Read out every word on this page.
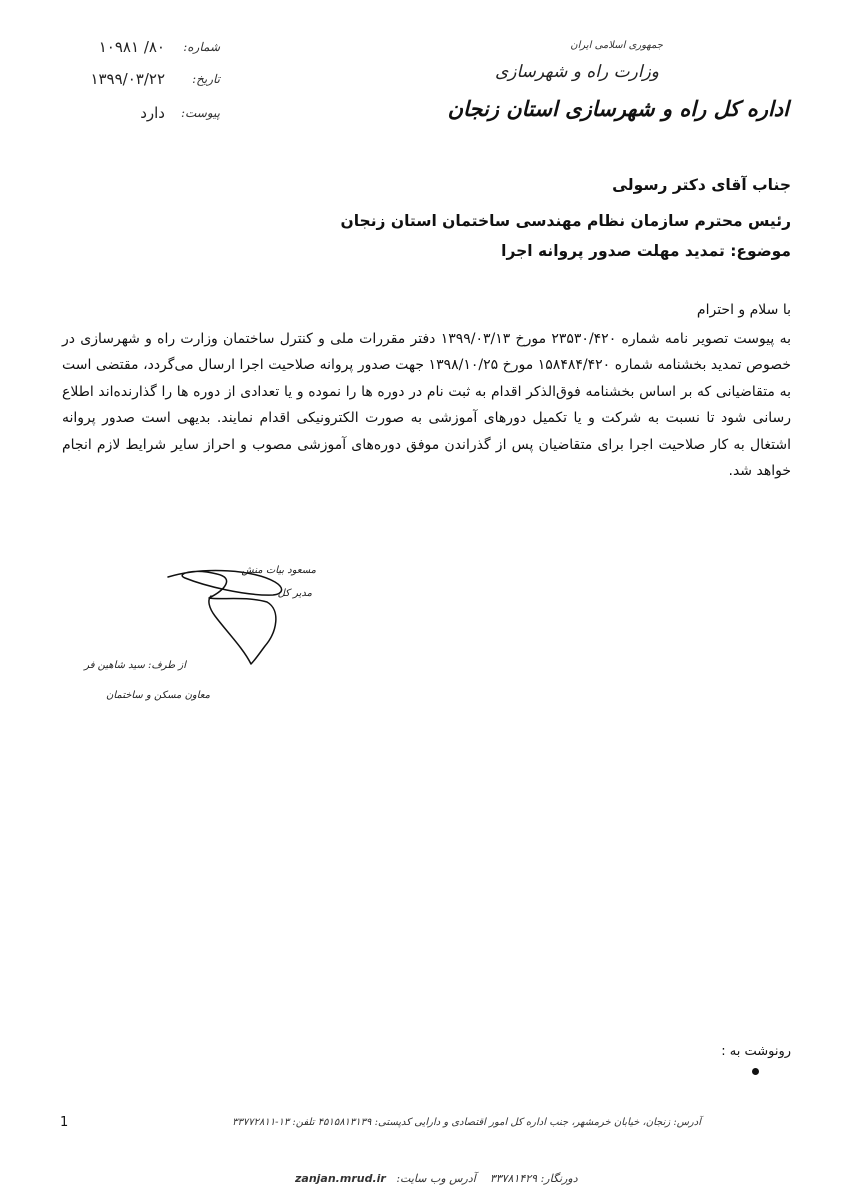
جمهوری اسلامی ایران
وزارت راه و شهرسازی
اداره کل راه و شهرسازی استان زنجان
شماره:
۸۰/ ۱۰۹۸۱
تاریخ:
۱۳۹۹/۰۳/۲۲
پیوست:
دارد
جناب آقای دکتر رسولی
رئیس محترم سازمان نظام مهندسی ساختمان استان زنجان
موضوع: تمدید مهلت صدور پروانه اجرا
با سلام و احترام
به پیوست تصویر نامه شماره ۲۳۵۳۰/۴۲۰ مورخ ۱۳۹۹/۰۳/۱۳ دفتر مقررات ملی و کنترل ساختمان وزارت راه و شهرسازی در خصوص تمدید بخشنامه شماره ۱۵۸۴۸۴/۴۲۰ مورخ ۱۳۹۸/۱۰/۲۵ جهت صدور پروانه صلاحیت اجرا ارسال می‌گردد، مقتضی است به متقاضیانی که بر اساس بخشنامه فوق‌الذکر اقدام به ثبت نام در دوره ها را نموده و یا تعدادی از دوره ها را گذارنده‌اند اطلاع رسانی شود تا نسبت به شرکت و یا تکمیل دورهای آموزشی به صورت الکترونیکی اقدام نمایند. بدیهی است صدور پروانه اشتغال به کار صلاحیت اجرا برای متقاضیان پس از گذراندن موفق دوره‌های آموزشی مصوب و احراز سایر شرایط لازم انجام خواهد شد.
مسعود بیات منش
مدیر کل
از طرف: سید شاهین فر
معاون مسکن و ساختمان
رونوشت به :
1	آدرس: زنجان، خیابان خرمشهر، جنب اداره کل امور اقتصادی و دارایی کدپستی: ۴۵۱۵۸۱۳۱۳۹ تلفن: ۱۳-۳۳۷۷۲۸۱۱
دورنگار: ۳۳۷۸۱۴۲۹    آدرس وب سایت:   zanjan.mrud.ir
